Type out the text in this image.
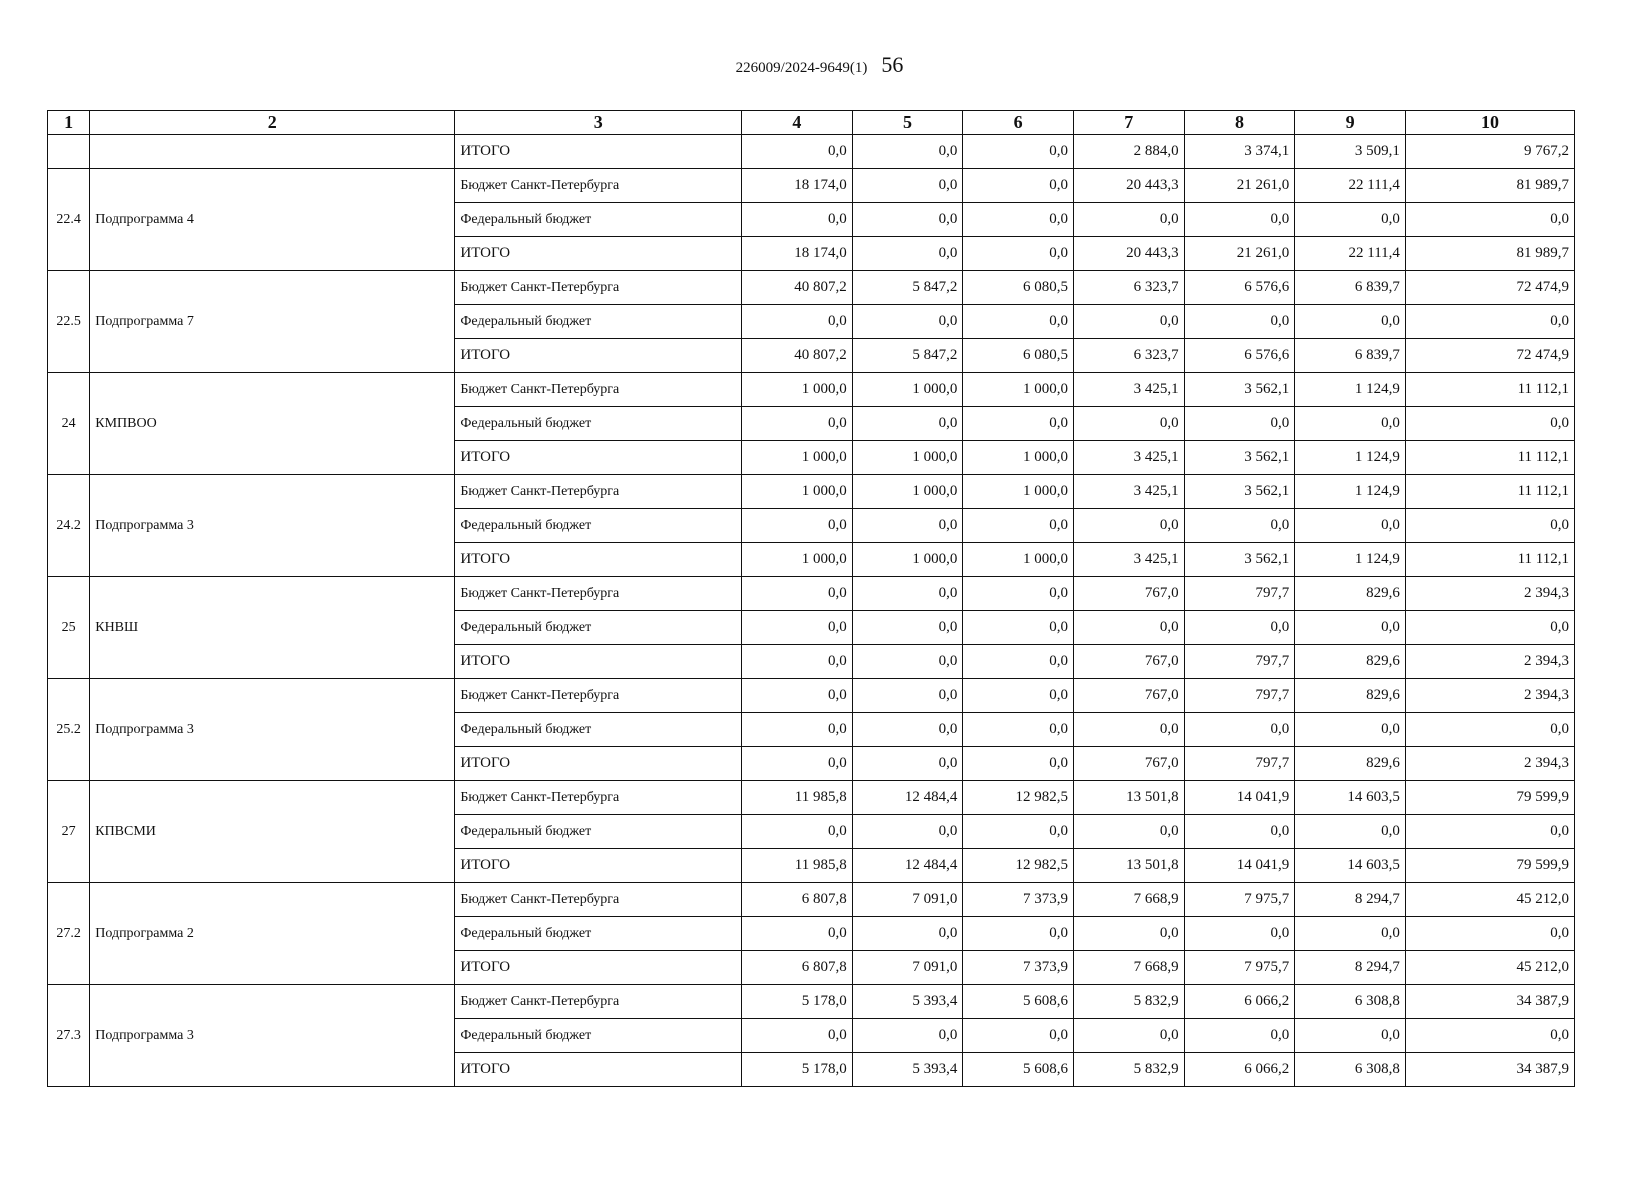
226009/2024-9649(1) 56
1	2	3	4	5	6	7	8	9	10
		ИТОГО	0,0	0,0	0,0	2 884,0	3 374,1	3 509,1	9 767,2
22.4	Подпрограмма 4	Бюджет Санкт-Петербурга	18 174,0	0,0	0,0	20 443,3	21 261,0	22 111,4	81 989,7
		Федеральный бюджет	0,0	0,0	0,0	0,0	0,0	0,0	0,0
		ИТОГО	18 174,0	0,0	0,0	20 443,3	21 261,0	22 111,4	81 989,7
22.5	Подпрограмма 7	Бюджет Санкт-Петербурга	40 807,2	5 847,2	6 080,5	6 323,7	6 576,6	6 839,7	72 474,9
		Федеральный бюджет	0,0	0,0	0,0	0,0	0,0	0,0	0,0
		ИТОГО	40 807,2	5 847,2	6 080,5	6 323,7	6 576,6	6 839,7	72 474,9
24	КМПВОО	Бюджет Санкт-Петербурга	1 000,0	1 000,0	1 000,0	3 425,1	3 562,1	1 124,9	11 112,1
		Федеральный бюджет	0,0	0,0	0,0	0,0	0,0	0,0	0,0
		ИТОГО	1 000,0	1 000,0	1 000,0	3 425,1	3 562,1	1 124,9	11 112,1
24.2	Подпрограмма 3	Бюджет Санкт-Петербурга	1 000,0	1 000,0	1 000,0	3 425,1	3 562,1	1 124,9	11 112,1
		Федеральный бюджет	0,0	0,0	0,0	0,0	0,0	0,0	0,0
		ИТОГО	1 000,0	1 000,0	1 000,0	3 425,1	3 562,1	1 124,9	11 112,1
25	КНВШ	Бюджет Санкт-Петербурга	0,0	0,0	0,0	767,0	797,7	829,6	2 394,3
		Федеральный бюджет	0,0	0,0	0,0	0,0	0,0	0,0	0,0
		ИТОГО	0,0	0,0	0,0	767,0	797,7	829,6	2 394,3
25.2	Подпрограмма 3	Бюджет Санкт-Петербурга	0,0	0,0	0,0	767,0	797,7	829,6	2 394,3
		Федеральный бюджет	0,0	0,0	0,0	0,0	0,0	0,0	0,0
		ИТОГО	0,0	0,0	0,0	767,0	797,7	829,6	2 394,3
27	КПВСМИ	Бюджет Санкт-Петербурга	11 985,8	12 484,4	12 982,5	13 501,8	14 041,9	14 603,5	79 599,9
		Федеральный бюджет	0,0	0,0	0,0	0,0	0,0	0,0	0,0
		ИТОГО	11 985,8	12 484,4	12 982,5	13 501,8	14 041,9	14 603,5	79 599,9
27.2	Подпрограмма 2	Бюджет Санкт-Петербурга	6 807,8	7 091,0	7 373,9	7 668,9	7 975,7	8 294,7	45 212,0
		Федеральный бюджет	0,0	0,0	0,0	0,0	0,0	0,0	0,0
		ИТОГО	6 807,8	7 091,0	7 373,9	7 668,9	7 975,7	8 294,7	45 212,0
27.3	Подпрограмма 3	Бюджет Санкт-Петербурга	5 178,0	5 393,4	5 608,6	5 832,9	6 066,2	6 308,8	34 387,9
		Федеральный бюджет	0,0	0,0	0,0	0,0	0,0	0,0	0,0
		ИТОГО	5 178,0	5 393,4	5 608,6	5 832,9	6 066,2	6 308,8	34 387,9
